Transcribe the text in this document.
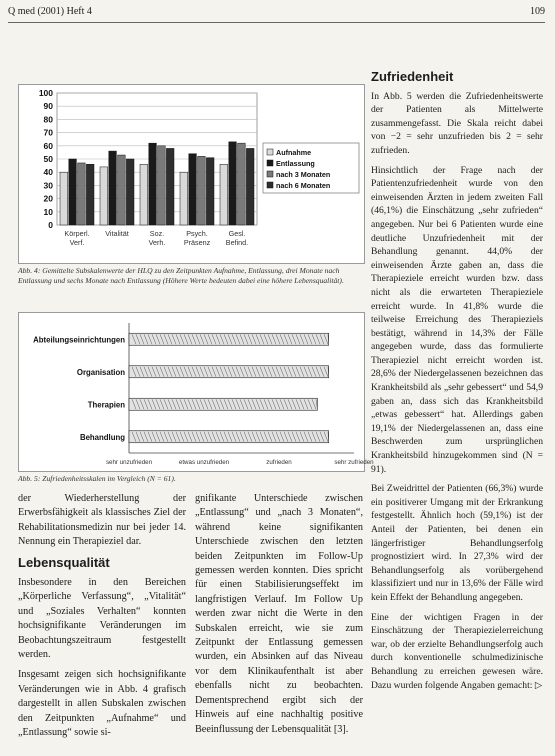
Q med (2001) Heft 4	109
0
10
20
30
40
50
60
70
80
90
100
Körperl.
Verf.
Vitalität	Soz.
Verh.
Psych.
Präsenz
Gesl.
Befind.
Aufnahme
Entlassung
nach 3 Monaten
nach 6 Monaten
Abb. 4: Gemittelte Subskalenwerte der HLQ zu den Zeitpunkten Aufnahme, Entlassung, drei Monate nach Entlassung und sechs Monate nach Entlassung (Höhere Werte bedeuten dabei eine höhere Lebensqualität).
Abteilungseinrichtungen
Organisation
Therapien
Behandlung
sehr unzufrieden	etwas unzufrieden	zufrieden	sehr zufrieden
Abb. 5: Zufriedenheitsskalen im Vergleich (N = 61).

der Wiederherstellung der Erwerbsfähigkeit als klassisches Ziel der Rehabilitationsmedizin nur bei jeder 14. Nennung ein Therapieziel dar.

Lebensqualität

Insbesondere in den Bereichen „Körperliche Verfassung“, „Vitalität“ und „Soziales Verhalten“ konnten hochsignifikante Veränderungen im Beobachtungszeitraum festgestellt werden.

Insgesamt zeigen sich hochsignifikante Veränderungen wie in Abb. 4 grafisch dargestellt in allen Subskalen zwischen den Zeitpunkten „Aufnahme“ und „Entlassung“ sowie si-

gnifikante Unterschiede zwischen „Entlassung“ und „nach 3 Monaten“, während keine signifikanten Unterschiede zwischen den letzten beiden Zeitpunkten im Follow-Up gemessen werden konnten. Dies spricht für einen Stabilisierungseffekt im langfristigen Verlauf. Im Follow Up werden zwar nicht die Werte in den Subskalen erreicht, wie sie zum Zeitpunkt der Entlassung gemessen wurden, ein Absinken auf das Niveau vor dem Klinikaufenthalt ist aber ebenfalls nicht zu beobachten. Dementsprechend ergibt sich der Hinweis auf eine nachhaltig positive Beeinflussung der Lebensqualität [3].

Zufriedenheit

In Abb. 5 werden die Zufriedenheitswerte der Patienten als Mittelwerte zusammengefasst. Die Skala reicht dabei von −2 = sehr unzufrieden bis 2 = sehr zufrieden.

Hinsichtlich der Frage nach der Patientenzufriedenheit wurde von den einweisenden Ärzten in jedem zweiten Fall (46,1%) die Einschätzung „sehr zufrieden“ angegeben. Nur bei 6 Patienten wurde eine deutliche Unzufriedenheit mit der Behandlung genannt. 44,0% der einweisenden Ärzte gaben an, dass die Therapieziele erreicht wurden bzw. dass nicht als die erwarteten Therapieziele erreicht wurde. In 41,8% wurde die teilweise Erreichung des Therapieziels bestätigt, während in 14,3% der Fälle angegeben wurde, dass das formulierte Therapieziel nicht erreicht worden ist. 28,6% der Niedergelassenen bezeichnen das Krankheitsbild als „sehr gebessert“ und 54,9 gaben an, dass sich das Krankheitsbild „etwas gebessert“ hat. Allerdings gaben 19,1% der Niedergelassenen an, dass eine Beschwerden zum ursprünglichen Krankheitsbild hinzugekommen sind (N = 91).

Bei Zweidrittel der Patienten (66,3%) wurde ein positiverer Umgang mit der Erkrankung festgestellt. Ähnlich hoch (59,1%) ist der Anteil der Patienten, bei denen ein längerfristiger Behandlungserfolg prognostiziert wird. In 27,3% wird der Behandlungserfolg als vorübergehend klassifiziert und nur in 13,6% der Fälle wird kein Effekt der Behandlung angegeben.

Eine der wichtigen Fragen in der Einschätzung der Therapiezielerreichung war, ob der erzielte Behandlungserfolg auch durch konventionelle schulmedizinische Behandlung zu erreichen gewesen wäre. Dazu wurden folgende Angaben gemacht: ▷
